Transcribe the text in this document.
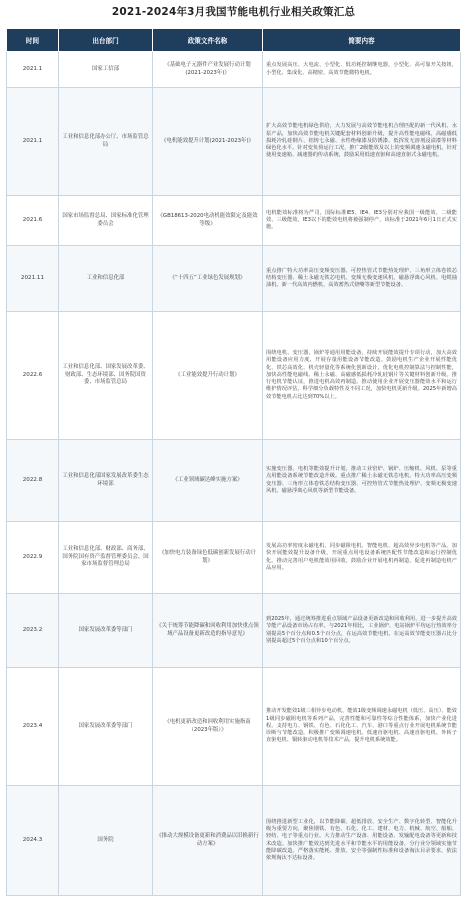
2021-2024年3月我国节能电机行业相关政策汇总
时间	出台部门	政策文件名称	简要内容
2021.1	国家工信部	《基础电子元器件产业发展行动计划(2021-2023年)》	重点发展高压、大电流、小型化、低功耗控制继电器，小型化、高可靠开关按钮，小型化、集成化、高精密、高效节能微特电机。
2021.1	工业和信息化部办公厅、市场监管总局	《电机能效提升计划(2021-2023年)》	扩大高效节能电机绿色供给，大力发展与高效节能电机合理匹配的新一代风机、水泵产品，加快高效节能电机关键配套材料创新升级，提升高性能电磁线、高磁感低损耗冷轧硅钢片、铝铸七永磁、水性绝缘漆及防锈漆、低挥发无溶剂浸渍漆等材料绿色化水平。针对变负荷运行工况，推广2级能效及以上的变频调速永磁电机。针对使用变速箱、减速器的传动系统，鼓励采用低速直驱和高速直驱式永磁电机。
2021.6	国家市场监督总局、国家标准化管理委员会	《GB18613-2020电动机能效限定及能效等级》	电机能效标准将为严司，国际标准IE5、IE4、IE3分别对应我国一级能效、二级能效、三级能效，IE3以下的能效电机将被强制停产，该标准于2021年6月1日正式实施。
2021.11	工业和信息化部	《“十四五”工业绿色发展规划》	重点推广特大功率高压变频变压器、可控热管式节能热处理炉、三角形立体卷铁芯结构变压器、稀土永磁无铁芯电机、变频无极变速风机、磁悬浮离心风机、电缆抽油机、新一代高效内燃机、高效蓄热式烧嘴等新型节能设备。
2022.6	工业和信息化部、国家发展改革委、财政部、生态环境部、国务院国资委、市场监管总局	《工业能效提升行动计划》	围绕电机、变压器、锅炉等通用用能设备，持续开展能效提升专项行动，加大高效用能设备应用力度，开展存量用能设备节能改造。鼓励电机生产企业开展性能优化、铁芯高效化、机壳轻量化等系统化创新设计，优化电机控制算法与控制性能，加快高性能电磁线、稀土永磁、高磁感低损耗冷轧硅钢片等关键材料创新升级。推行电机节能认证，推进电机高效再制造。推动使用企业开展变压器能效水平和运行维护情况评估，科学细分负载特性及不同工况，加快电机更新升级。2025年新增高效节能电机占比达到70%以上。
2022.8	工业和信息化部国家发展改革委生态环境部	《工业领域碳达峰实施方案》	实施变压器、电机等能效提升计划，推动工业窑炉、锅炉、压缩机、风机、泵等重点用能设备系统节能改造升级。重点推广稀土永磁无铁芯电机、特大功率高压变频变压器、三角形立体卷铁芯结构变压器、可控热管式节能热处理炉、变频无极变速风机、磁悬浮离心风机等新型节能设备。
2022.9	工业和信息化部、财政部、商务部、国务院国有资产监督管理委员会、国家市场监督管理总局	《加快电力装备绿色低碳创新发展行动计划》	发展高功率密度永磁电机、同步磁阻电机、智能电机、超高效异步电机等产品。加快开展能效提升设备升级，开展重点用电设备系统匹配性节能改造和运行控制优化。推动完善用户电机能效用回收，鼓励企业开展电机再制造，促进再制造电机产品应用。
2023.2	国家发展改革委等部门	《关于统筹节能降碳和回收利用加快重点领域产品设备更新改造的指导意见》	到2025年，通过统筹推进重点领域产品设备更新改造和回收利用，进一步提升高效节能产品设备市场占有率。与2021年相比，工业锅炉、电站锅炉平均运行热效率分别提高5个百分点和0.5个百分点，在运高效节能电机、在运高效节能变压器占比分别提高超过5个百分点和10个百分点。
2023.4	国家发展改革委等部门	《电机更新改造和回收利用实施指南（2023年版）》	推动开发能效1级三相异步电动机、能效1级变频调速永磁电机（低压、高压）、能效1级同步磁阻电机等系列产品，完善性能和可靠性等综合性能体系，加快产业化进程。支持电力、钢铁、有色、石化化工、汽车、港口等重点行业开展电机系统节能诊断与节能改造，积极推广变频调速电机、低速直驱电机、高速直驱电机、外转子直驱电机、铜转驱动电机等技术产品，提升电机系统效能。
2024.3	国务院	《推动大规模设备更新和消费品以旧换新行动方案》	围绕推进新型工业化，以节能降碳、超低排放、安全生产、数字化转型、智能化升级为重要方向，聚焦钢铁、有色、石化、化工、建材、电力、机械、航空、船舶、轻纺、电子等重点行业，大力推动生产设备、用能设备、发输配电设备等更新和技术改造。加快推广能效达到先进水平和节能水平的用能设备，分行业分领域实施节能降碳改造。严格落实能耗、排放、安全等强制性标准和设备淘汰目录要求，依法依规淘汰不达标设备。
